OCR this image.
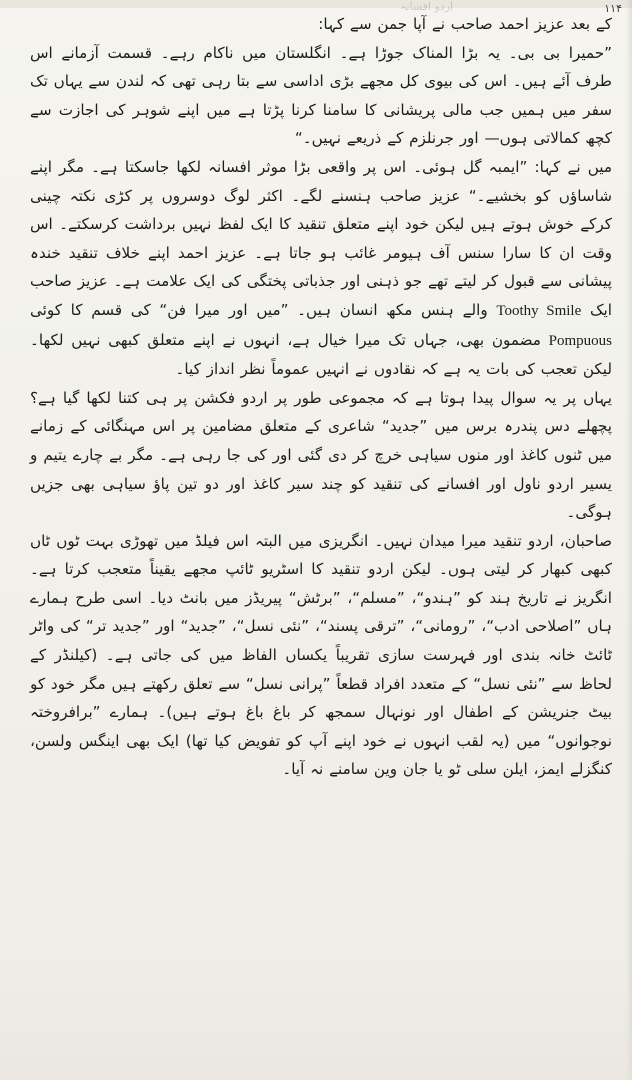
۱۱۴
اردو افسانہ

کے بعد عزیز احمد صاحب نے آپا جمن سے کہا:

”حمیرا بی بی۔ یہ بڑا المناک جوڑا ہے۔ انگلستان میں ناکام رہے۔ قسمت آزمانے اس طرف آئے ہیں۔ اس کی بیوی کل مجھے بڑی اداسی سے بتا رہی تھی کہ لندن سے یہاں تک سفر میں ہمیں جب مالی پریشانی کا سامنا کرنا پڑتا ہے میں اپنے شوہر کی اجازت سے کچھ کمالاتی ہوں— اور جرنلزم کے ذریعے نہیں۔“

میں نے کہا: ”ایمبہ گل ہوئی۔ اس پر واقعی بڑا موثر افسانہ لکھا جاسکتا ہے۔ مگر اپنے شاساؤں کو بخشیے۔“ عزیز صاحب ہنسنے لگے۔ اکثر لوگ دوسروں پر کڑی نکتہ چینی کرکے خوش ہوتے ہیں لیکن خود اپنے متعلق تنقید کا ایک لفظ نہیں برداشت کرسکتے۔ اس وقت ان کا سارا سنس آف ہیومر غائب ہو جاتا ہے۔ عزیز احمد اپنے خلاف تنقید خندہ پیشانی سے قبول کر لیتے تھے جو ذہنی اور جذباتی پختگی کی ایک علامت ہے۔ عزیز صاحب ایک Toothy Smile والے ہنس مکھ انسان ہیں۔ ”میں اور میرا فن“ کی قسم کا کوئی Pompuous مضمون بھی، جہاں تک میرا خیال ہے، انہوں نے اپنے متعلق کبھی نہیں لکھا۔ لیکن تعجب کی بات یہ ہے کہ نقادوں نے انہیں عموماً نظر انداز کیا۔

یہاں پر یہ سوال پیدا ہوتا ہے کہ مجموعی طور پر اردو فکشن پر ہی کتنا لکھا گیا ہے؟ پچھلے دس پندرہ برس میں ”جدید“ شاعری کے متعلق مضامین پر اس مہنگائی کے زمانے میں ٹنوں کاغذ اور منوں سیاہی خرچ کر دی گئی اور کی جا رہی ہے۔ مگر بے چارے یتیم و یسیر اردو ناول اور افسانے کی تنقید کو چند سیر کاغذ اور دو تین پاؤ سیاہی بھی جزیں ہوگی۔

صاحبان، اردو تنقید میرا میدان نہیں۔ انگریزی میں البتہ اس فیلڈ میں تھوڑی بہت ٹوں ٹاں کبھی کبھار کر لیتی ہوں۔ لیکن اردو تنقید کا اسٹریو ٹائپ مجھے یقیناً متعجب کرتا ہے۔ انگریز نے تاریخ ہند کو ”ہندو“، ”مسلم“، ”برٹش“ پیریڈز میں بانٹ دیا۔ اسی طرح ہمارے ہاں ”اصلاحی ادب“، ”رومانی“، ”ترقی پسند“، ”نئی نسل“، ”جدید“ اور ”جدید تر“ کی واٹر ٹائٹ خانہ بندی اور فہرست سازی تقریباً یکساں الفاظ میں کی جاتی ہے۔ (کیلنڈر کے لحاظ سے ”نئی نسل“ کے متعدد افراد قطعاً ”پرانی نسل“ سے تعلق رکھتے ہیں مگر خود کو بیٹ جنریشن کے اطفال اور نونہال سمجھ کر باغ باغ ہوتے ہیں)۔ ہمارے ”برافروختہ نوجوانوں“ میں (یہ لقب انہوں نے خود اپنے آپ کو تفویض کیا تھا) ایک بھی اینگس ولسن، کنگزلے ایمز، ایلن سلی ٹو یا جان وین سامنے نہ آیا۔
